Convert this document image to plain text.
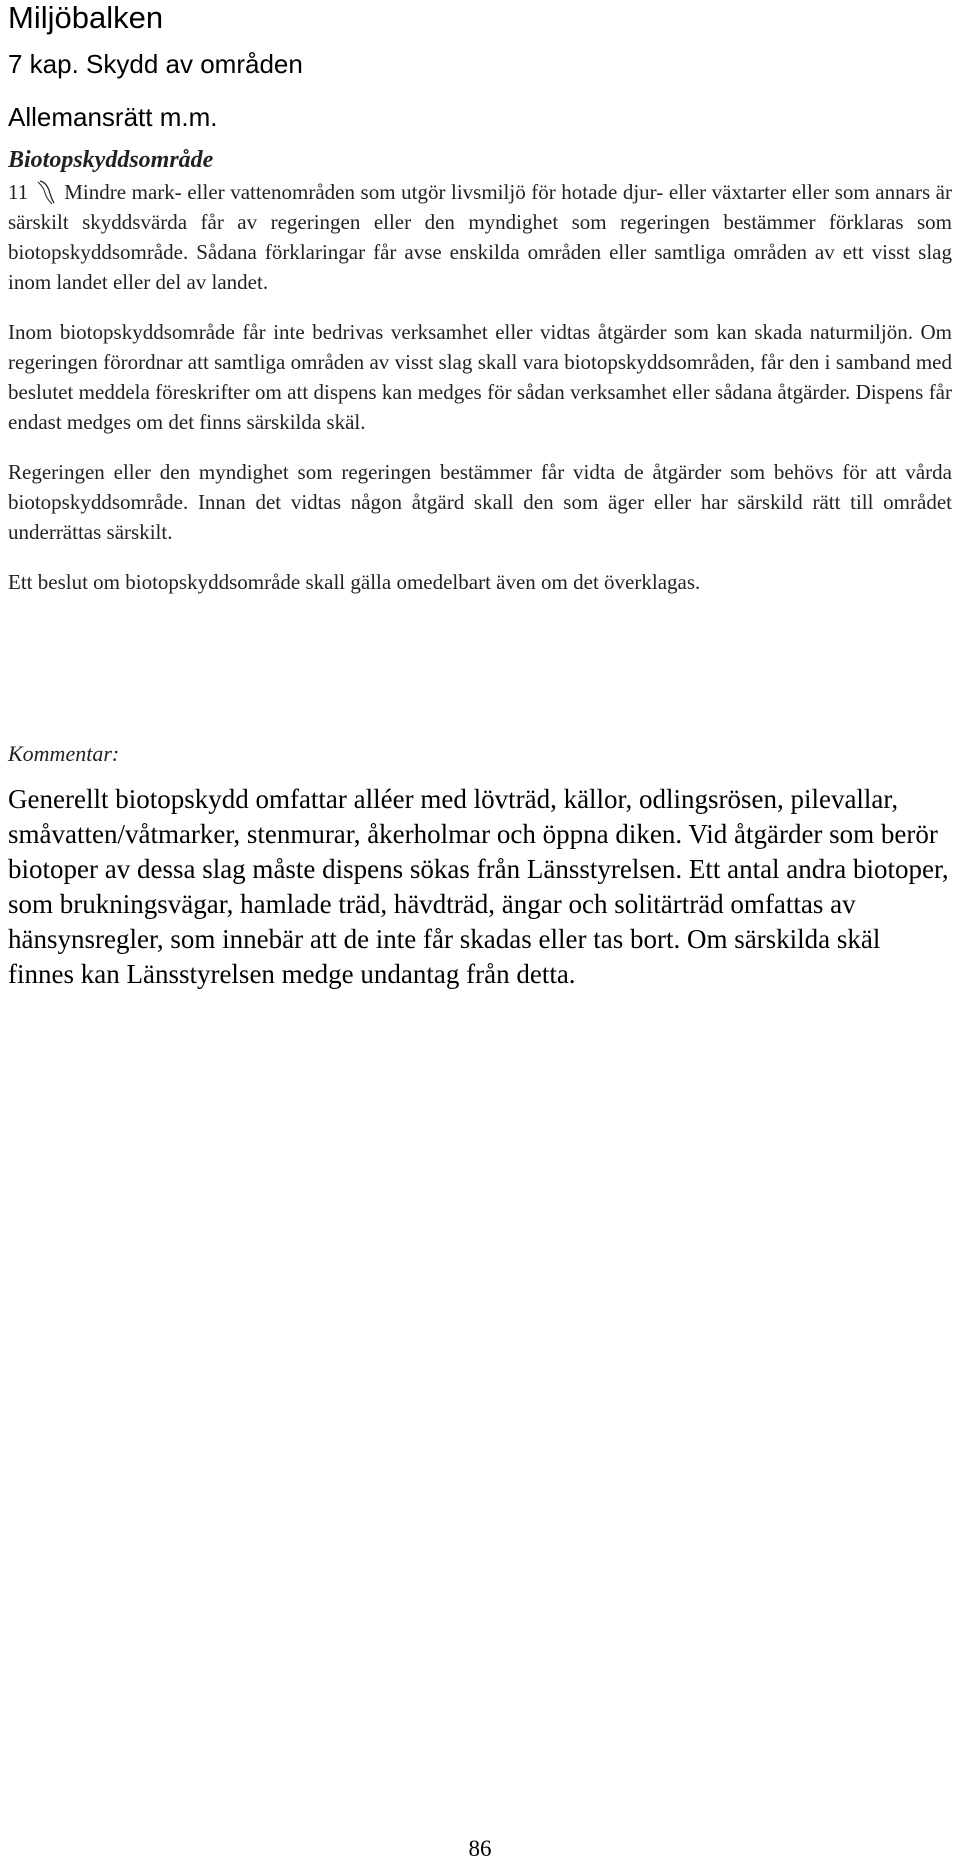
Miljöbalken
7 kap. Skydd av områden
Allemansrätt m.m.
Biotopskyddsområde

11 Mindre mark- eller vattenområden som utgör livsmiljö för hotade djur- eller växtarter eller som annars är särskilt skyddsvärda får av regeringen eller den myndighet som regeringen bestämmer förklaras som biotopskyddsområde. Sådana förklaringar får avse enskilda områden eller samtliga områden av ett visst slag inom landet eller del av landet.

Inom biotopskyddsområde får inte bedrivas verksamhet eller vidtas åtgärder som kan skada naturmiljön. Om regeringen förordnar att samtliga områden av visst slag skall vara biotopskyddsområden, får den i samband med beslutet meddela föreskrifter om att dispens kan medges för sådan verksamhet eller sådana åtgärder. Dispens får endast medges om det finns särskilda skäl.

Regeringen eller den myndighet som regeringen bestämmer får vidta de åtgärder som behövs för att vårda biotopskyddsområde. Innan det vidtas någon åtgärd skall den som äger eller har särskild rätt till området underrättas särskilt.

Ett beslut om biotopskyddsområde skall gälla omedelbart även om det överklagas.

Kommentar:

Generellt biotopskydd omfattar alléer med lövträd, källor, odlingsrösen, pilevallar, småvatten/våtmarker, stenmurar, åkerholmar och öppna diken. Vid åtgärder som berör biotoper av dessa slag måste dispens sökas från Länsstyrelsen. Ett antal andra biotoper, som brukningsvägar, hamlade träd, hävdträd, ängar och solitärträd omfattas av hänsynsregler, som innebär att de inte får skadas eller tas bort. Om särskilda skäl finnes kan Länsstyrelsen medge undantag från detta.

86
